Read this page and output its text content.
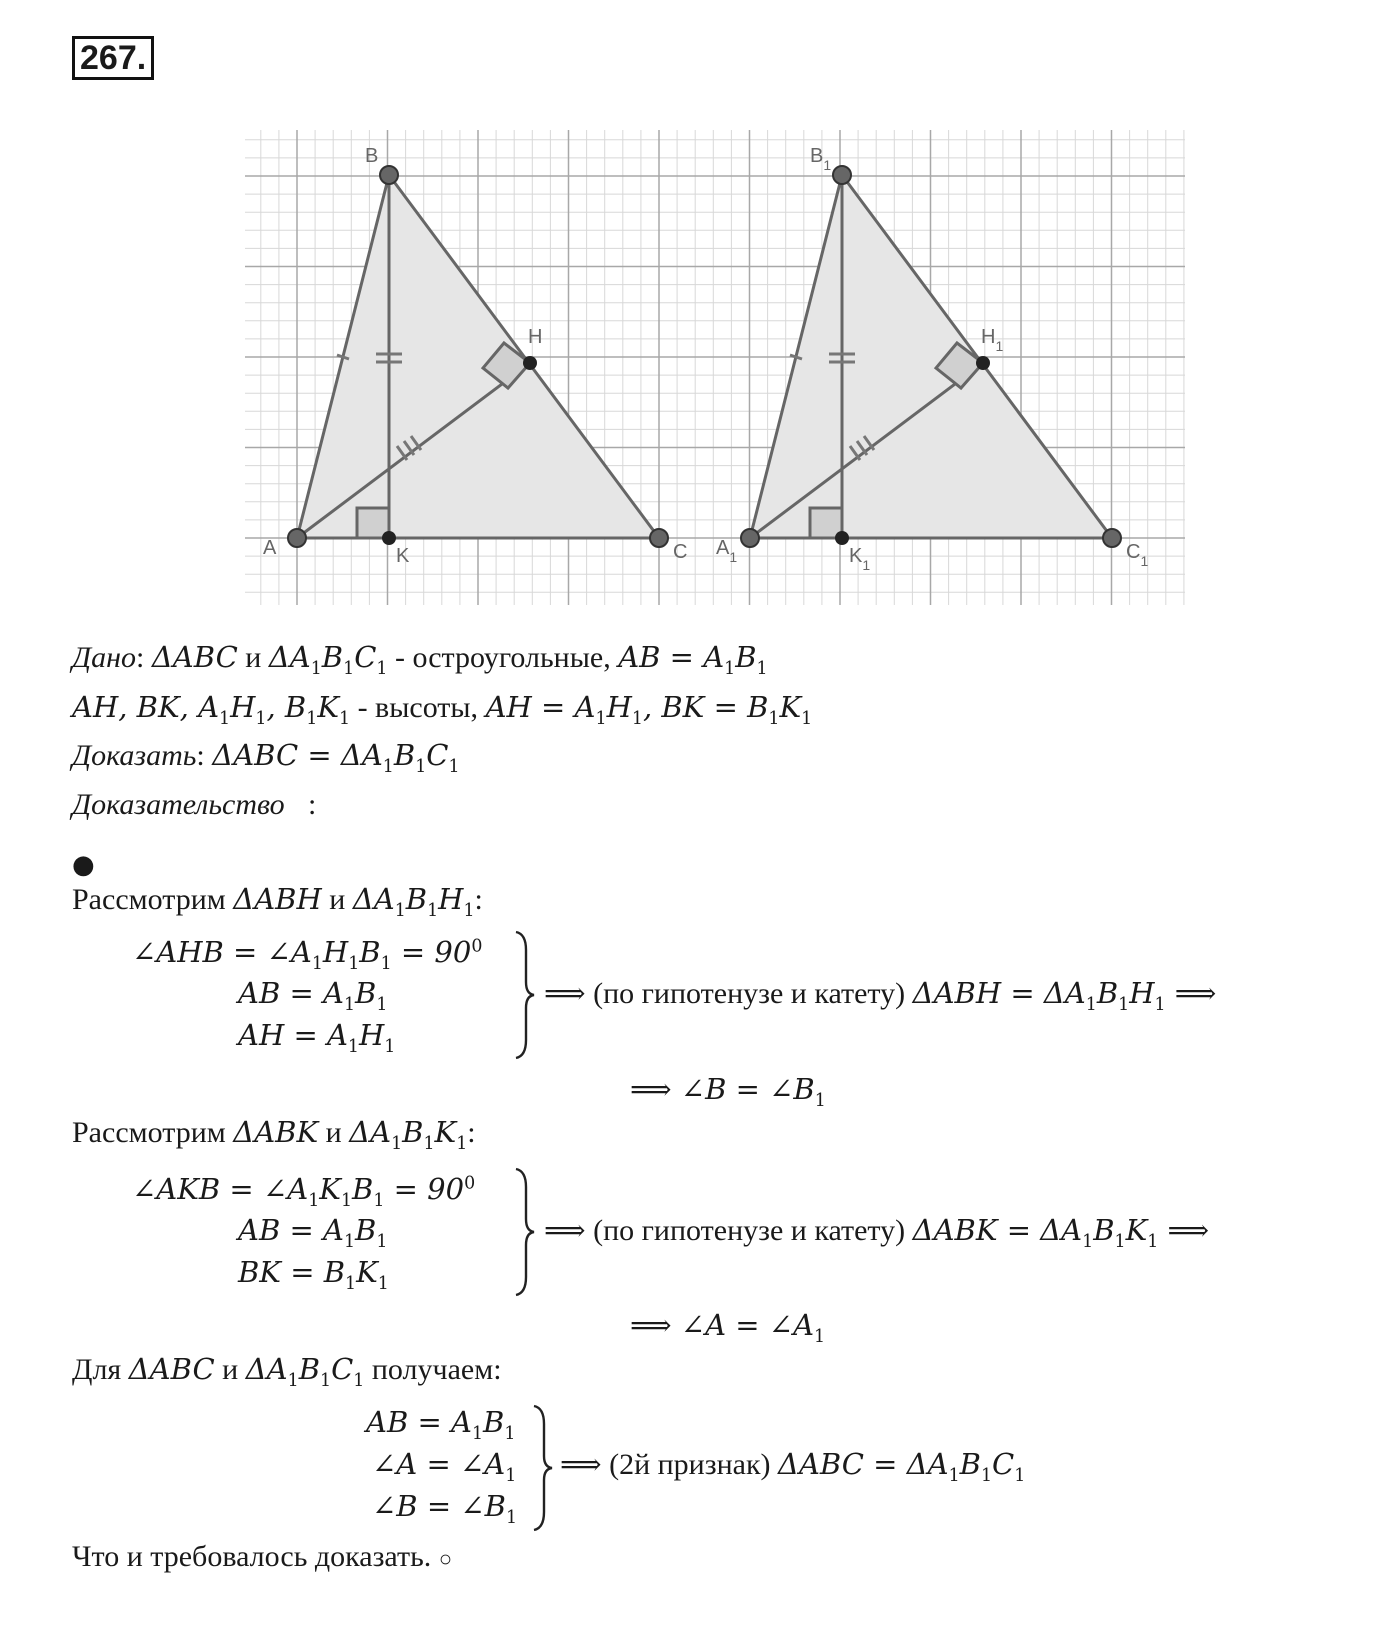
267.
A
B
C
H
K	$A_1$
$B_1$
$C_1$
$H_1$
$K_1$
Дано: ΔABC и $\Delta A_1B_1C_1$ - остроугольные, AB = $A_1B_1$
AH, BK, $A_1H_1$, $B_1K_1$ - высоты, AH = $A_1H_1$, BK = $B_1K_1$
Доказать: $\Delta ABC = \Delta A_1B_1C_1$
Доказательство :
●
Рассмотрим ΔABH и $\Delta A_1B_1H_1$:
∠AHB = $\angle A_1H_1B_1 = 90^0$
AB = $A_1B_1$
AH = $A_1H_1$
⟹ (по гипотенузе и катету) $\Delta ABH = \Delta A_1B_1H_1$ ⟹
⟹ ∠B = $\angle B_1$
Рассмотрим ΔABK и $\Delta A_1B_1K_1$:
∠AKB = $\angle A_1K_1B_1 = 90^0$
AB = $A_1B_1$
BK = $B_1K_1$
⟹ (по гипотенузе и катету) $\Delta ABK = \Delta A_1B_1K_1$ ⟹
⟹ ∠A = $\angle A_1$
Для ΔABC и $\Delta A_1B_1C_1$ получаем:
AB = $A_1B_1$
∠A = $\angle A_1$
∠B = $\angle B_1$
⟹ (2й признак) $\Delta ABC = \Delta A_1B_1C_1$
Что и требовалось доказать. ○
